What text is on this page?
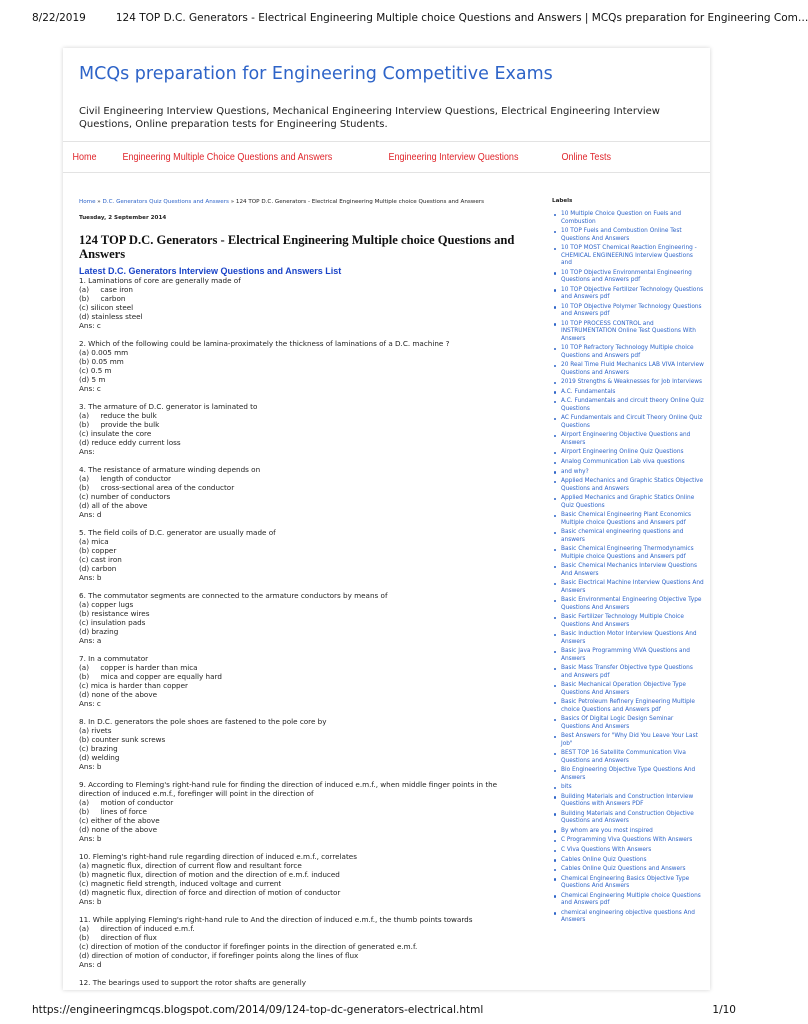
8/22/2019	124 TOP D.C. Generators - Electrical Engineering Multiple choice Questions and Answers | MCQs preparation for Engineering Com…
MCQs preparation for Engineering Competitive Exams
Civil Engineering Interview Questions, Mechanical Engineering Interview Questions, Electrical Engineering Interview Questions, Online preparation tests for Engineering Students.
Home	Engineering Multiple Choice Questions and Answers	Engineering Interview Questions	Online Tests
Home » D.C. Generators Quiz Questions and Answers » 124 TOP D.C. Generators - Electrical Engineering Multiple choice Questions and Answers
Tuesday, 2 September 2014
124 TOP D.C. Generators - Electrical Engineering Multiple choice Questions and Answers
Latest D.C. Generators Interview Questions and Answers List
1. Laminations of core are generally made of
(a)     case iron
(b)     carbon
(c) silicon steel
(d) stainless steel
Ans: c
2. Which of the following could be lamina-proximately the thickness of laminations of a D.C. machine ?
(a) 0.005 mm
(b) 0.05 mm
(c) 0.5 m
(d) 5 m
Ans: c
3. The armature of D.C. generator is laminated to
(a)     reduce the bulk
(b)     provide the bulk
(c) insulate the core
(d) reduce eddy current loss
Ans:
4. The resistance of armature winding depends on
(a)     length of conductor
(b)     cross-sectional area of the conductor
(c) number of conductors
(d) all of the above
Ans: d
5. The field coils of D.C. generator are usually made of
(a) mica
(b) copper
(c) cast iron
(d) carbon
Ans: b
6. The commutator segments are connected to the armature conductors by means of
(a) copper lugs
(b) resistance wires
(c) insulation pads
(d) brazing
Ans: a
7. In a commutator
(a)     copper is harder than mica
(b)     mica and copper are equally hard
(c) mica is harder than copper
(d) none of the above
Ans: c
8. In D.C. generators the pole shoes are fastened to the pole core by
(a) rivets
(b) counter sunk screws
(c) brazing
(d) welding
Ans: b
9. According to Fleming's right-hand rule for finding the direction of induced e.m.f., when middle finger points in the direction of induced e.m.f., forefinger will point in the direction of
(a)     motion of conductor
(b)     lines of force
(c) either of the above
(d) none of the above
Ans: b
10. Fleming's right-hand rule regarding direction of induced e.m.f., correlates
(a) magnetic flux, direction of current flow and resultant force
(b) magnetic flux, direction of motion and the direction of e.m.f. induced
(c) magnetic field strength, induced voltage and current
(d) magnetic flux, direction of force and direction of motion of conductor
Ans: b
11. While applying Fleming's right-hand rule to And the direction of induced e.m.f., the thumb points towards
(a)     direction of induced e.m.f.
(b)     direction of flux
(c) direction of motion of the conductor if forefinger points in the direction of generated e.m.f.
(d) direction of motion of conductor, if forefinger points along the lines of flux
Ans: d
12. The bearings used to support the rotor shafts are generally
Labels
10 Multiple Choice Question on Fuels and Combustion
10 TOP Fuels and Combustion Online Test Questions And Answers
10 TOP MOST Chemical Reaction Engineering - CHEMICAL ENGINEERING Interview Questions and
10 TOP Objective Environmental Engineering Questions and Answers pdf
10 TOP Objective Fertilizer Technology Questions and Answers pdf
10 TOP Objective Polymer Technology Questions and Answers pdf
10 TOP PROCESS CONTROL and INSTRUMENTATION Online Test Questions With Answers
10 TOP Refractory Technology Multiple choice Questions and Answers pdf
20 Real Time Fluid Mechanics LAB VIVA Interview Questions and Answers
2019 Strengths & Weaknesses for Job Interviews
A.C. Fundamentals
A.C. Fundamentals and circuit theory Online Quiz Questions
AC Fundamentals and Circuit Theory Online Quiz Questions
Airport Engineering Objective Questions and Answers
Airport Engineering Online Quiz Questions
Analog Communication Lab viva questions
and why?
Applied Mechanics and Graphic Statics Objective Questions and Answers
Applied Mechanics and Graphic Statics Online Quiz Questions
Basic Chemical Engineering Plant Economics Multiple choice Questions and Answers pdf
Basic chemical engineering questions and answers
Basic Chemical Engineering Thermodynamics Multiple choice Questions and Answers pdf
Basic Chemical Mechanics Interview Questions And Answers
Basic Electrical Machine Interview Questions And Answers
Basic Environmental Engineering Objective Type Questions And Answers
Basic Fertilizer Technology Multiple Choice Questions And Answers
Basic Induction Motor Interview Questions And Answers
Basic Java Programming VIVA Questions and Answers
Basic Mass Transfer Objective type Questions and Answers pdf
Basic Mechanical Operation Objective Type Questions And Answers
Basic Petroleum Refinery Engineering Multiple choice Questions and Answers pdf
Basics Of Digital Logic Design Seminar Questions And Answers
Best Answers for "Why Did You Leave Your Last Job"
BEST TOP 16 Satellite Communication Viva Questions and Answers
Bio Engineering Objective Type Questions And Answers
bits
Building Materials and Construction Interview Questions with Answers PDF
Building Materials and Construction Objective Questions and Answers
By whom are you most inspired
C Programming Viva Questions With Answers
C Viva Questions With Answers
Cables Online Quiz Questions
Cables Online Quiz Questions and Answers
Chemical Engineering Basics Objective Type Questions And Answers
Chemical Engineering Multiple choice Questions and Answers pdf
chemical engineering objective questions And Answers
https://engineeringmcqs.blogspot.com/2014/09/124-top-dc-generators-electrical.html	1/10
